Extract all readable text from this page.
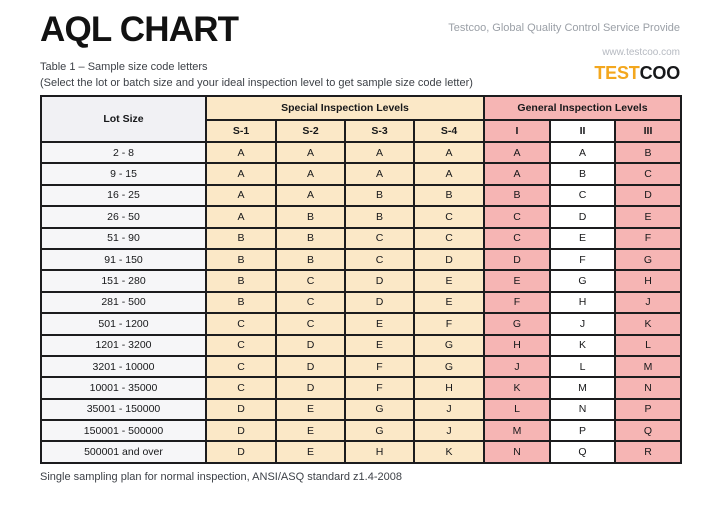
AQL CHART	Testcoo, Global Quality Control Service Provide
www.testcoo.com
TESTCOO
Table 1 – Sample size code letters
(Select the lot or batch size and your ideal inspection level to get sample size code letter)
Lot Size	Special Inspection Levels				General Inspection Levels		
	S-1	S-2	S-3	S-4	I	II	III
2 - 8	A	A	A	A	A	A	B
9 - 15	A	A	A	A	A	B	C
16 - 25	A	A	B	B	B	C	D
26 - 50	A	B	B	C	C	D	E
51 - 90	B	B	C	C	C	E	F
91 - 150	B	B	C	D	D	F	G
151 - 280	B	C	D	E	E	G	H
281 - 500	B	C	D	E	F	H	J
501 - 1200	C	C	E	F	G	J	K
1201 - 3200	C	D	E	G	H	K	L
3201 - 10000	C	D	F	G	J	L	M
10001 - 35000	C	D	F	H	K	M	N
35001 - 150000	D	E	G	J	L	N	P
150001 - 500000	D	E	G	J	M	P	Q
500001 and over	D	E	H	K	N	Q	R
Single sampling plan for normal inspection, ANSI/ASQ standard z1.4-2008
